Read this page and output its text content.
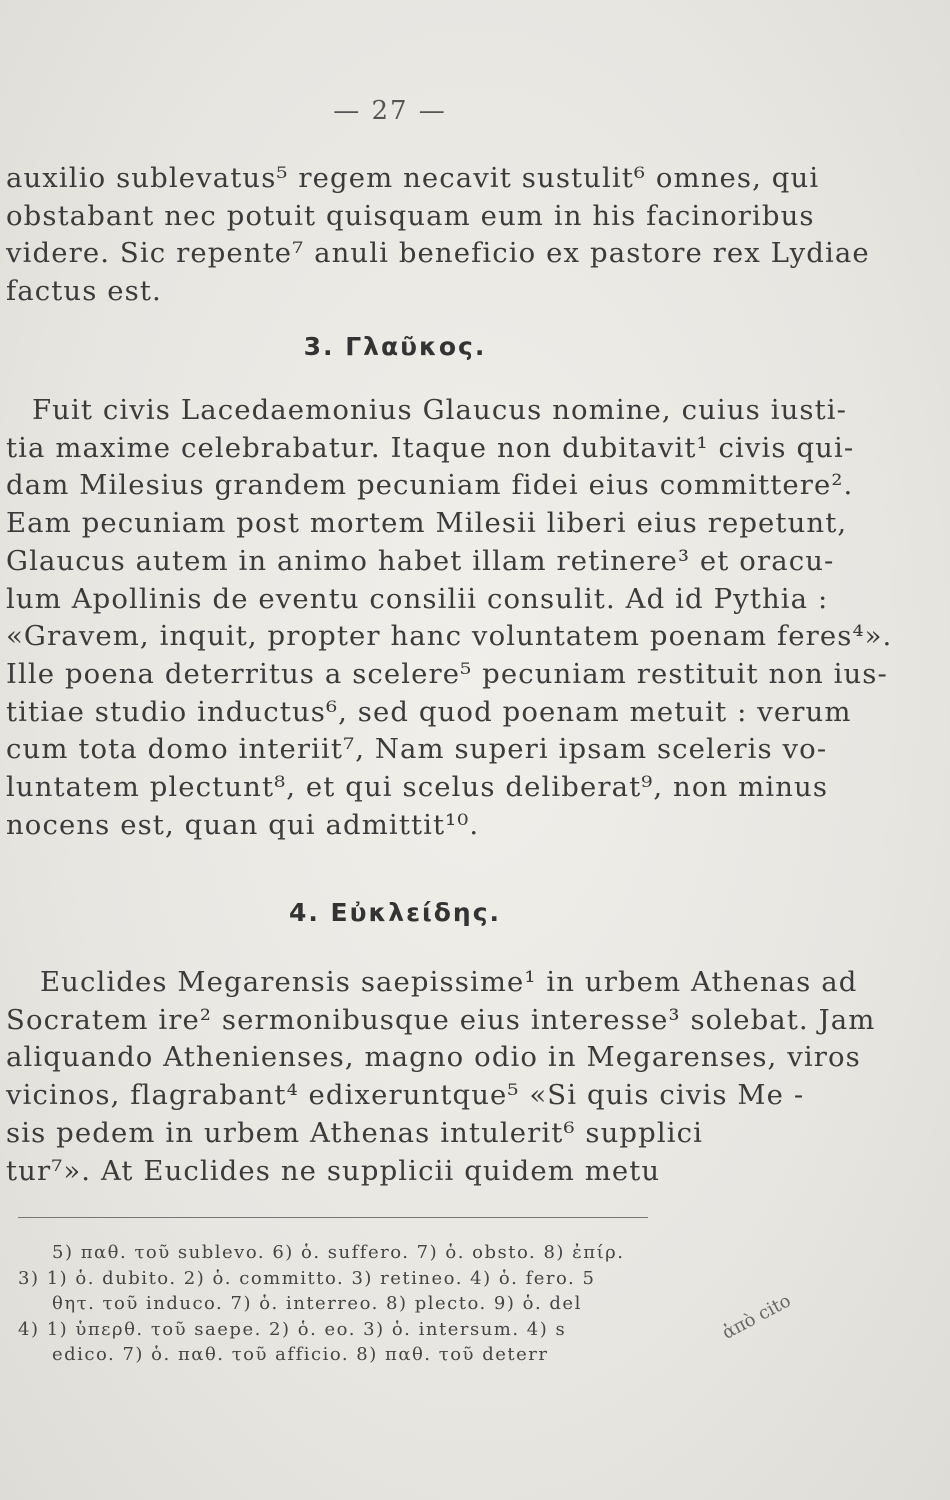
— 27 —
auxilio sublevatus⁵ regem necavit sustulit⁶ omnes, qui
obstabant nec potuit quisquam eum in his facinoribus
videre. Sic repente⁷ anuli beneficio ex pastore rex Lydiae
factus est.
3. Γλαῦκος.
Fuit civis Lacedaemonius Glaucus nomine, cuius iusti-
tia maxime celebrabatur. Itaque non dubitavit¹ civis qui-
dam Milesius grandem pecuniam fidei eius committere².
Eam pecuniam post mortem Milesii liberi eius repetunt,
Glaucus autem in animo habet illam retinere³ et oracu-
lum Apollinis de eventu consilii consulit. Ad id Pythia :
«Gravem, inquit, propter hanc voluntatem poenam feres⁴».
Ille poena deterritus a scelere⁵ pecuniam restituit non ius-
titiae studio inductus⁶, sed quod poenam metuit : verum
cum tota domo interiit⁷, Nam superi ipsam sceleris vo-
luntatem plectunt⁸, et qui scelus deliberat⁹, non minus
nocens est, quan qui admittit¹⁰.
4. Εὐκλείδης.
Euclides Megarensis saepissime¹ in urbem Athenas ad
Socratem ire² sermonibusque eius interesse³ solebat. Jam
aliquando Athenienses, magno odio in Megarenses, viros
vicinos, flagrabant⁴ edixeruntque⁵ «Si quis civis Me -
sis pedem in urbem Athenas intulerit⁶ supplici
tur⁷». At Euclides ne supplicii quidem metu
5) παθ. τοῦ sublevo. 6) ὁ. suffero. 7) ὁ. obsto. 8) ἐπίρ.
3) 1) ὁ. dubito. 2) ὁ. committo. 3) retineo. 4) ὁ. fero. 5
θητ. τοῦ induco. 7) ὁ. interreo. 8) plecto. 9) ὁ. del
4) 1) ὑπερθ. τοῦ saepe. 2) ὁ. eo. 3) ὁ. intersum. 4) s
edico. 7) ὁ. παθ. τοῦ afficio. 8) παθ. τοῦ deterr
ἀπὸ cito
